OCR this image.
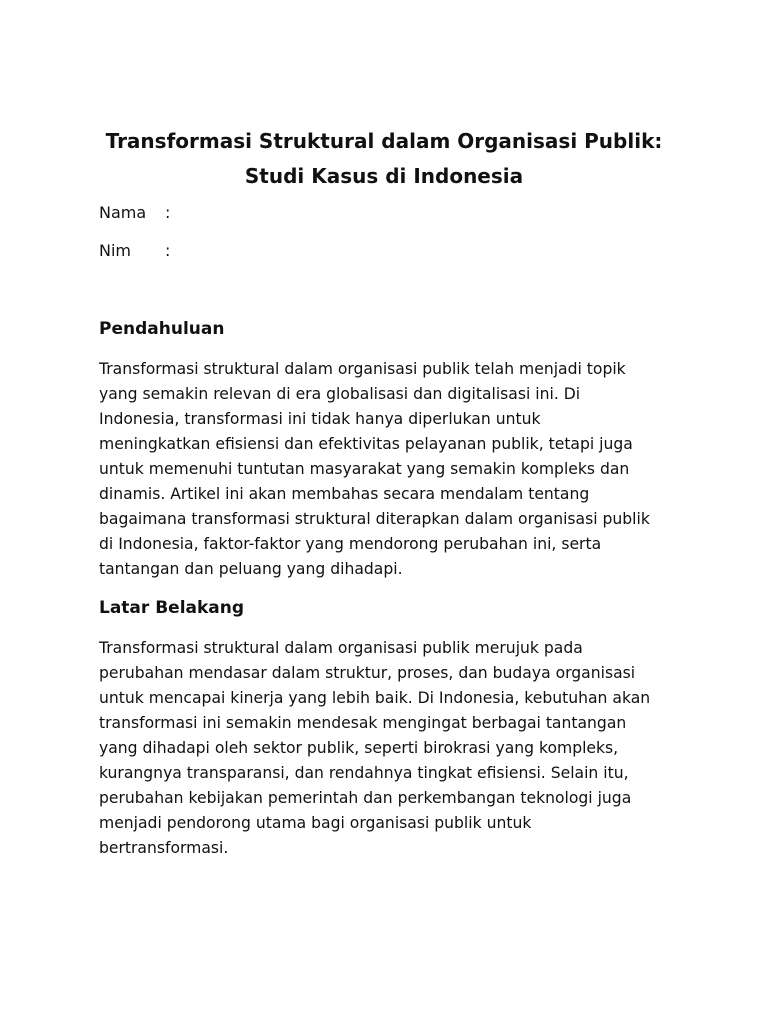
Transformasi Struktural dalam Organisasi Publik:
Studi Kasus di Indonesia

Nama :

Nim :

Pendahuluan

Transformasi struktural dalam organisasi publik telah menjadi topik
yang semakin relevan di era globalisasi dan digitalisasi ini. Di
Indonesia, transformasi ini tidak hanya diperlukan untuk
meningkatkan efisiensi dan efektivitas pelayanan publik, tetapi juga
untuk memenuhi tuntutan masyarakat yang semakin kompleks dan
dinamis. Artikel ini akan membahas secara mendalam tentang
bagaimana transformasi struktural diterapkan dalam organisasi publik
di Indonesia, faktor-faktor yang mendorong perubahan ini, serta
tantangan dan peluang yang dihadapi.

Latar Belakang

Transformasi struktural dalam organisasi publik merujuk pada
perubahan mendasar dalam struktur, proses, dan budaya organisasi
untuk mencapai kinerja yang lebih baik. Di Indonesia, kebutuhan akan
transformasi ini semakin mendesak mengingat berbagai tantangan
yang dihadapi oleh sektor publik, seperti birokrasi yang kompleks,
kurangnya transparansi, dan rendahnya tingkat efisiensi. Selain itu,
perubahan kebijakan pemerintah dan perkembangan teknologi juga
menjadi pendorong utama bagi organisasi publik untuk
bertransformasi.
